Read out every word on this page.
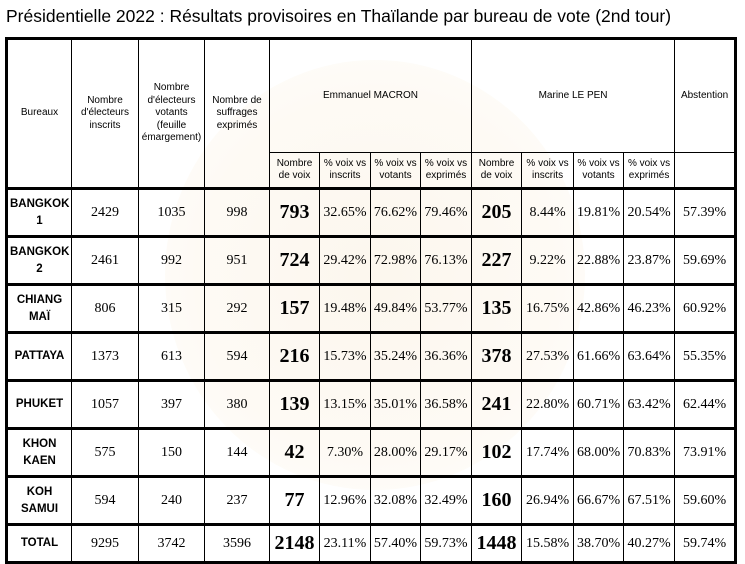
Présidentielle 2022 : Résultats provisoires en Thaïlande par bureau de vote (2nd tour)
Bureaux	Nombre d'électeurs inscrits	Nombre d'électeurs votants (feuille émargement)	Nombre de suffrages exprimés	Emmanuel MACRON				Marine LE PEN				Abstention
				Nombre de voix	% voix vs inscrits	% voix vs votants	% voix vs exprimés	Nombre de voix	% voix vs inscrits	% voix vs votants	% voix vs exprimés	
BANGKOK 1	2429	1035	998	793	32.65%	76.62%	79.46%	205	8.44%	19.81%	20.54%	57.39%
BANGKOK 2	2461	992	951	724	29.42%	72.98%	76.13%	227	9.22%	22.88%	23.87%	59.69%
CHIANG MAÏ	806	315	292	157	19.48%	49.84%	53.77%	135	16.75%	42.86%	46.23%	60.92%
PATTAYA	1373	613	594	216	15.73%	35.24%	36.36%	378	27.53%	61.66%	63.64%	55.35%
PHUKET	1057	397	380	139	13.15%	35.01%	36.58%	241	22.80%	60.71%	63.42%	62.44%
KHON KAEN	575	150	144	42	7.30%	28.00%	29.17%	102	17.74%	68.00%	70.83%	73.91%
KOH SAMUI	594	240	237	77	12.96%	32.08%	32.49%	160	26.94%	66.67%	67.51%	59.60%
TOTAL	9295	3742	3596	2148	23.11%	57.40%	59.73%	1448	15.58%	38.70%	40.27%	59.74%
